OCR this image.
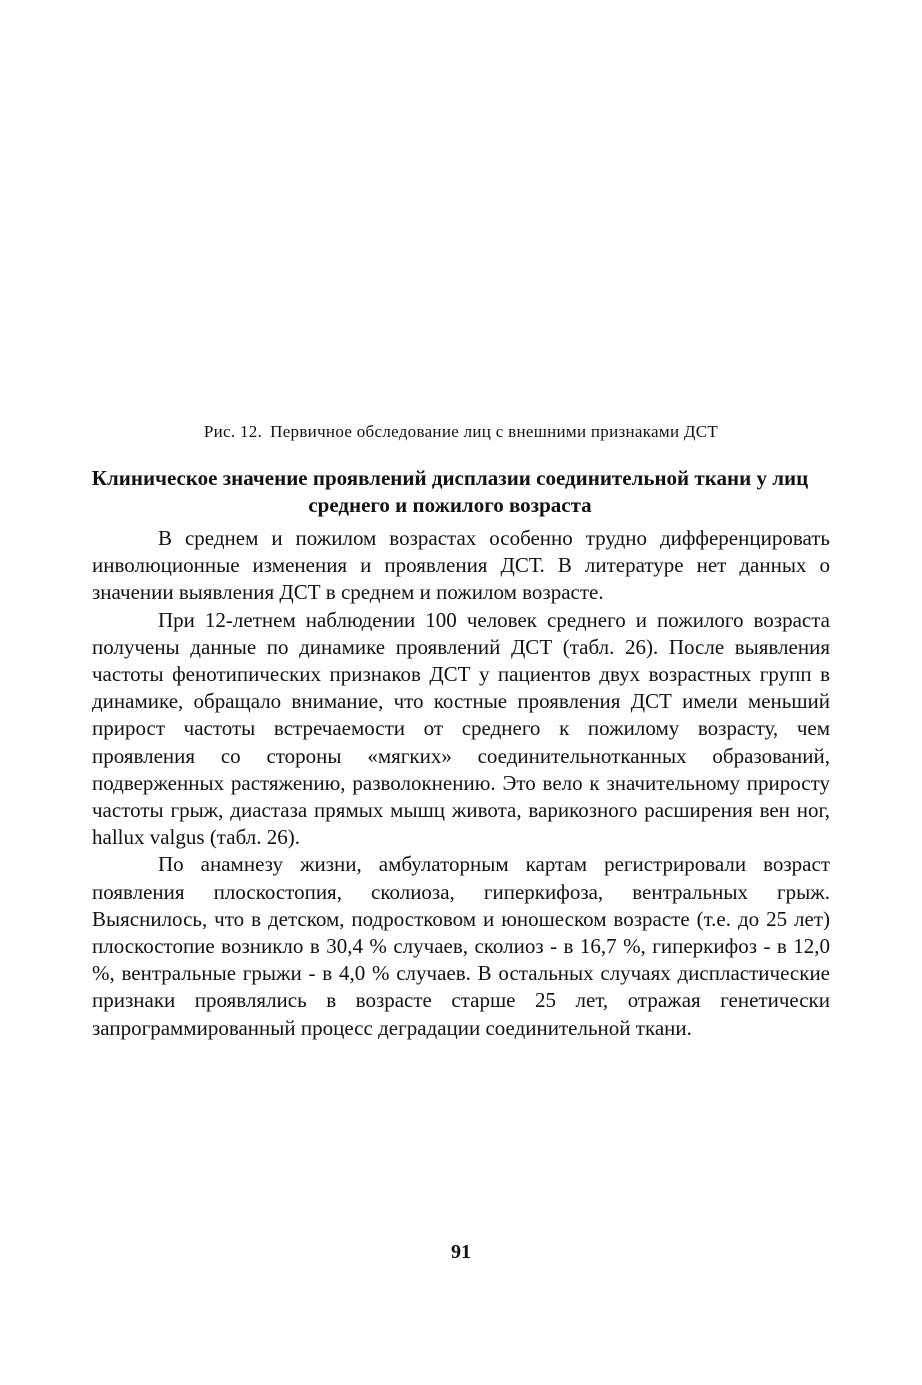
Рис. 12. Первичное обследование лиц с внешними признаками ДСТ

Клиническое значение проявлений дисплазии соединительной ткани у лиц среднего и пожилого возраста

В среднем и пожилом возрастах особенно трудно дифференцировать инволюционные изменения и проявления ДСТ. В литературе нет данных о значении выявления ДСТ в среднем и пожилом возрасте.

При 12-летнем наблюдении 100 человек среднего и пожилого возраста получены данные по динамике проявлений ДСТ (табл. 26). После выявления частоты фенотипических признаков ДСТ у пациентов двух возрастных групп в динамике, обращало внимание, что костные проявления ДСТ имели меньший прирост частоты встречаемости от среднего к пожилому возрасту, чем проявления со стороны «мягких» соединительнотканных образований, подверженных растяжению, разволокнению. Это вело к значительному приросту частоты грыж, диастаза прямых мышц живота, варикозного расширения вен ног, hallux valgus (табл. 26).

По анамнезу жизни, амбулаторным картам регистрировали возраст появления плоскостопия, сколиоза, гиперкифоза, вентральных грыж. Выяснилось, что в детском, подростковом и юношеском возрасте (т.е. до 25 лет) плоскостопие возникло в 30,4 % случаев, сколиоз - в 16,7 %, гиперкифоз - в 12,0 %, вентральные грыжи - в 4,0 % случаев. В остальных случаях диспластические признаки проявлялись в возрасте старше 25 лет, отражая генетически запрограммированный процесс деградации соединительной ткани.

91
